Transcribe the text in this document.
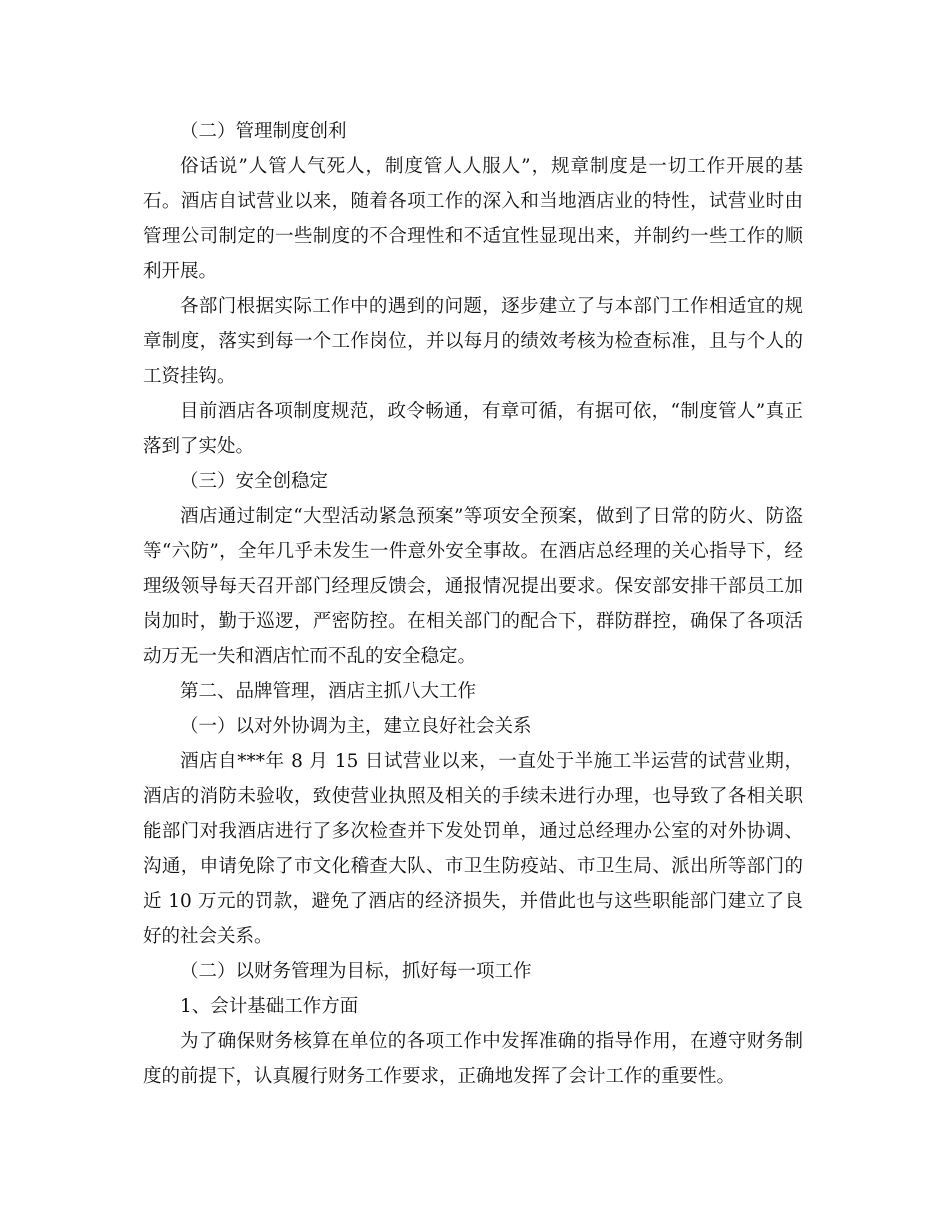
（二）管理制度创利

俗话说”人管人气死人，制度管人人服人”，规章制度是一切工作开展的基石。酒店自试营业以来，随着各项工作的深入和当地酒店业的特性，试营业时由管理公司制定的一些制度的不合理性和不适宜性显现出来，并制约一些工作的顺利开展。

各部门根据实际工作中的遇到的问题，逐步建立了与本部门工作相适宜的规章制度，落实到每一个工作岗位，并以每月的绩效考核为检查标准，且与个人的工资挂钩。

目前酒店各项制度规范，政令畅通，有章可循，有据可依，“制度管人”真正落到了实处。

（三）安全创稳定

酒店通过制定“大型活动紧急预案”等项安全预案，做到了日常的防火、防盗等“六防”，全年几乎未发生一件意外安全事故。在酒店总经理的关心指导下，经理级领导每天召开部门经理反馈会，通报情况提出要求。保安部安排干部员工加岗加时，勤于巡逻，严密防控。在相关部门的配合下，群防群控，确保了各项活动万无一失和酒店忙而不乱的安全稳定。

第二、品牌管理，酒店主抓八大工作

（一）以对外协调为主，建立良好社会关系

酒店自***年 8 月 15 日试营业以来，一直处于半施工半运营的试营业期，酒店的消防未验收，致使营业执照及相关的手续未进行办理，也导致了各相关职能部门对我酒店进行了多次检查并下发处罚单，通过总经理办公室的对外协调、沟通，申请免除了市文化稽查大队、市卫生防疫站、市卫生局、派出所等部门的近 10 万元的罚款，避免了酒店的经济损失，并借此也与这些职能部门建立了良好的社会关系。

（二）以财务管理为目标，抓好每一项工作

1、会计基础工作方面

为了确保财务核算在单位的各项工作中发挥准确的指导作用，在遵守财务制度的前提下，认真履行财务工作要求，正确地发挥了会计工作的重要性。
